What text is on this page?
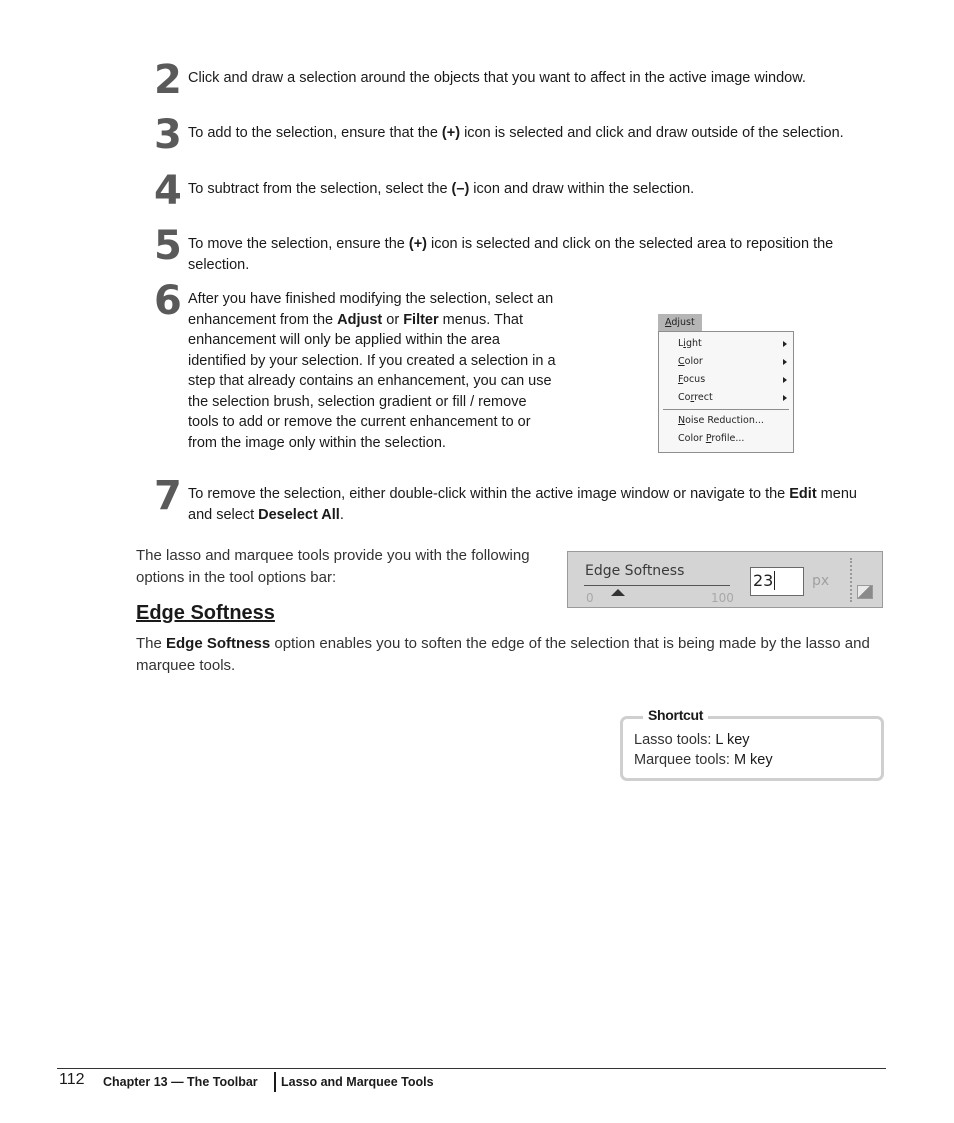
2 Click and draw a selection around the objects that you want to affect in the active image window.
3 To add to the selection, ensure that the (+) icon is selected and click and draw outside of the selection.
4 To subtract from the selection, select the (–) icon and draw within the selection.
5 To move the selection, ensure the (+) icon is selected and click on the selected area to reposition the selection.
6 After you have finished modifying the selection, select an enhancement from the Adjust or Filter menus. That enhancement will only be applied within the area identified by your selection. If you created a selection in a step that already contains an enhancement, you can use the selection brush, selection gradient or fill / remove tools to add or remove the current enhancement to or from the image only within the selection.
Adjust
Light
Color
Focus
Correct
Noise Reduction...
Color Profile...
7 To remove the selection, either double-click within the active image window or navigate to the Edit menu and select Deselect All.
The lasso and marquee tools provide you with the following options in the tool options bar:	Edge Softness
0	100
23	px
Edge Softness
The Edge Softness option enables you to soften the edge of the selection that is being made by the lasso and marquee tools.
Shortcut
Lasso tools: L key
Marquee tools: M key
112 Chapter 13 — The Toolbar Lasso and Marquee Tools
